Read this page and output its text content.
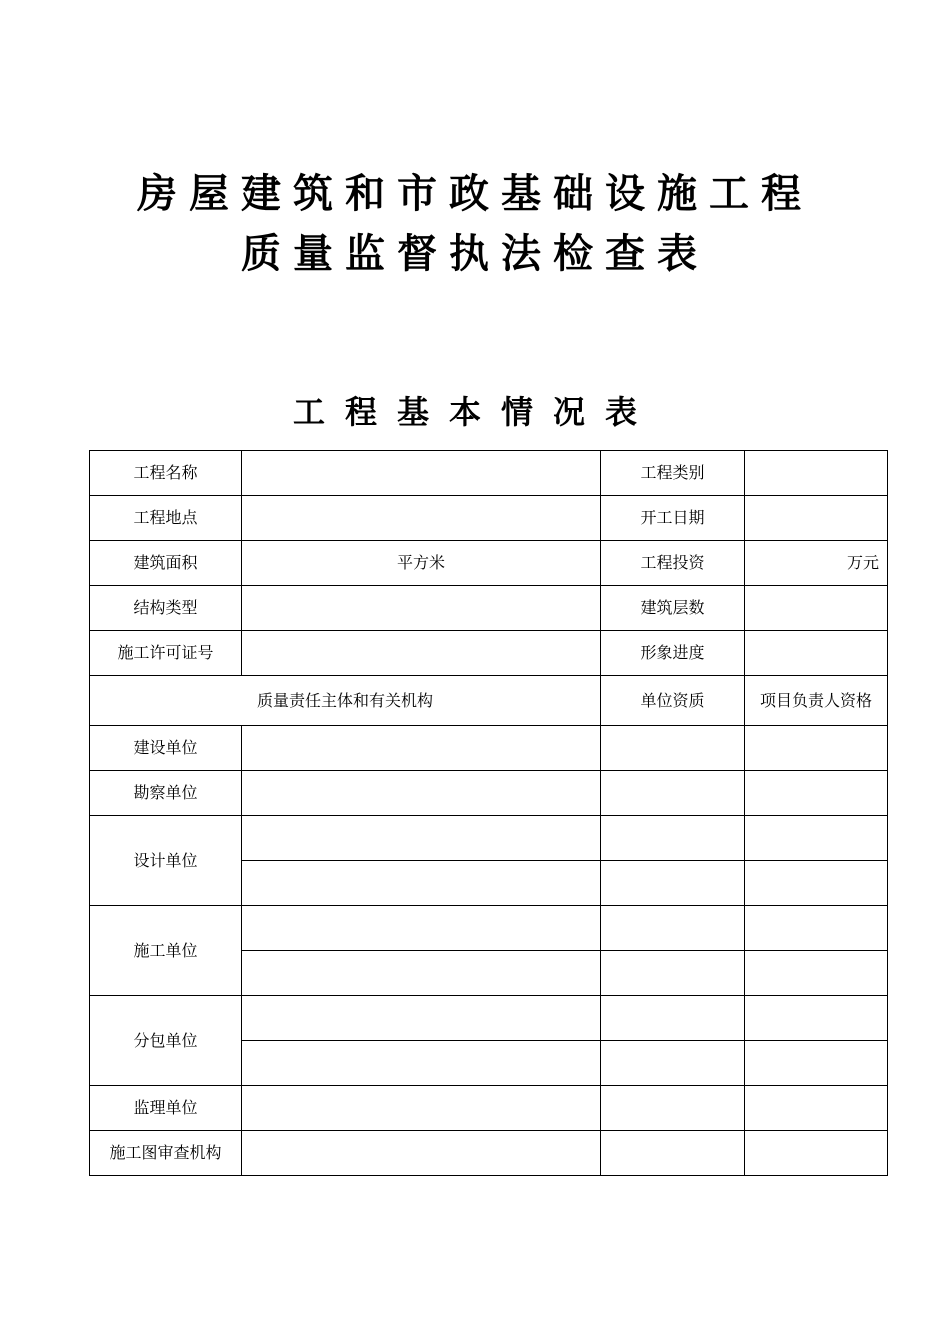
房屋建筑和市政基础设施工程
质量监督执法检查表
工程基本情况表
工程名称		工程类别	
工程地点		开工日期	
建筑面积	平方米	工程投资	万元
结构类型		建筑层数	
施工许可证号		形象进度	
质量责任主体和有关机构		单位资质	项目负责人资格
建设单位			
勘察单位			
设计单位			

施工单位			

分包单位			

监理单位			
施工图审查机构			
